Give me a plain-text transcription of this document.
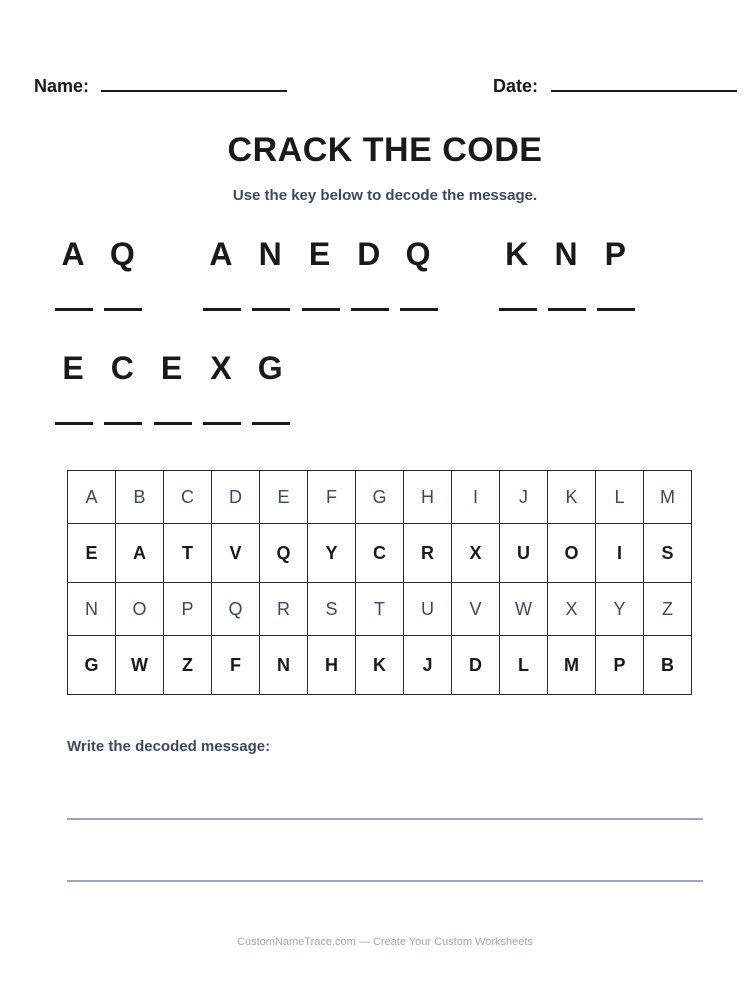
Name:	Date:
CRACK THE CODE
Use the key below to decode the message.
A Q A N E D Q K N P
E C E X G
A	B	C	D	E	F	G	H	I	J	K	L	M
E	A	T	V	Q	Y	C	R	X	U	O	I	S
N	O	P	Q	R	S	T	U	V	W	X	Y	Z
G	W	Z	F	N	H	K	J	D	L	M	P	B
Write the decoded message:
CustomNameTrace.com — Create Your Custom Worksheets
